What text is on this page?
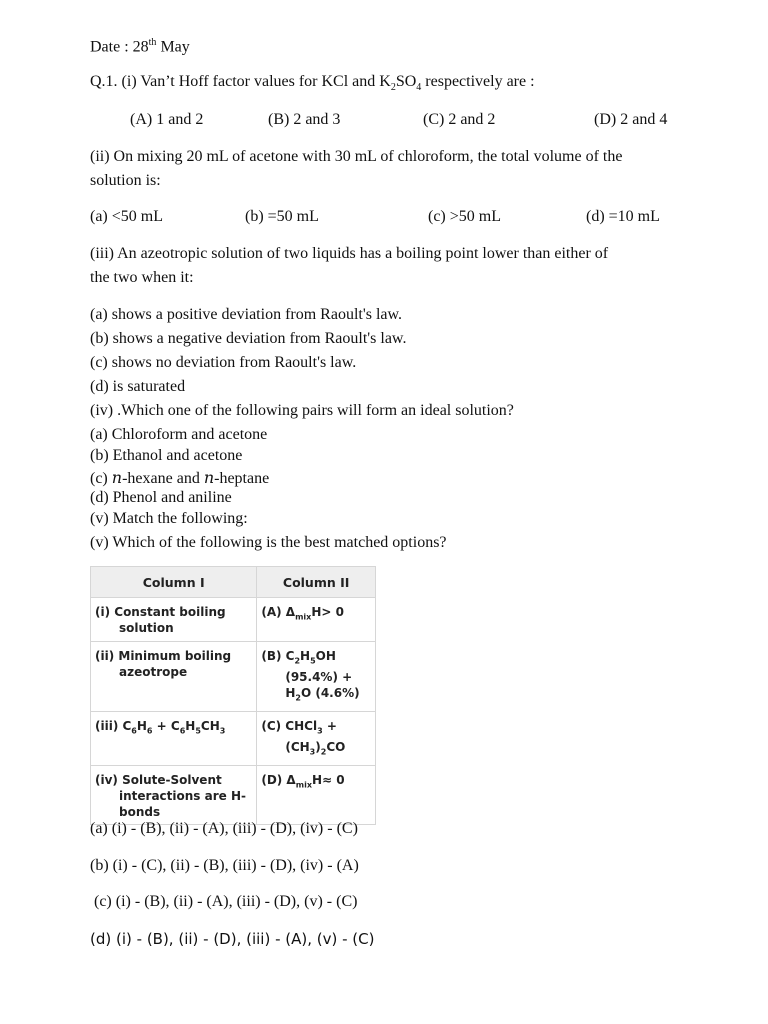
Date : 28th May
Q.1. (i) Van’t Hoff factor values for KCl and $K_2SO_4$ respectively are :
(A) 1 and 2	(B) 2 and 3	(C) 2 and 2	(D) 2 and 4
(ii) On mixing 20 mL of acetone with 30 mL of chloroform, the total volume of the
solution is:
(a) <50 mL	(b) =50 mL	(c) >50 mL	(d) =10 mL
(iii) An azeotropic solution of two liquids has a boiling point lower than either of
the two when it:
(a) shows a positive deviation from Raoult's law.
(b) shows a negative deviation from Raoult's law.
(c) shows no deviation from Raoult's law.
(d) is saturated
(iv) .Which one of the following pairs will form an ideal solution?
(a) Chloroform and acetone
(b) Ethanol and acetone
(c) n-hexane and n-heptane
(d) Phenol and aniline
(v) Match the following:
(v) Which of the following is the best matched options?
Column I	Column II

(i) Constant boiling solution	(A) $\Delta_{mix}H> 0$

(ii) Minimum boiling azeotrope	(B) $C_2H_5OH$ $(95.4\%) + H_2O$ (4.6%)

(iii) $C_6H_6 + C_6H_5CH_3$	(C) CHCl$_3$ + $(CH_3)_2CO$

(iv) Solute-Solvent interactions are H-bonds	(D) $\Delta_{mix}H\approx 0$
(a) (i) - (B), (ii) - (A), (iii) - (D), (iv) - (C)
(b) (i) - (C), (ii) - (B), (iii) - (D), (iv) - (A)
(c) (i) - (B), (ii) - (A), (iii) - (D), (v) - (C)
(d) (i) - (B), (ii) - (D), (iii) - (A), (v) - (C)
